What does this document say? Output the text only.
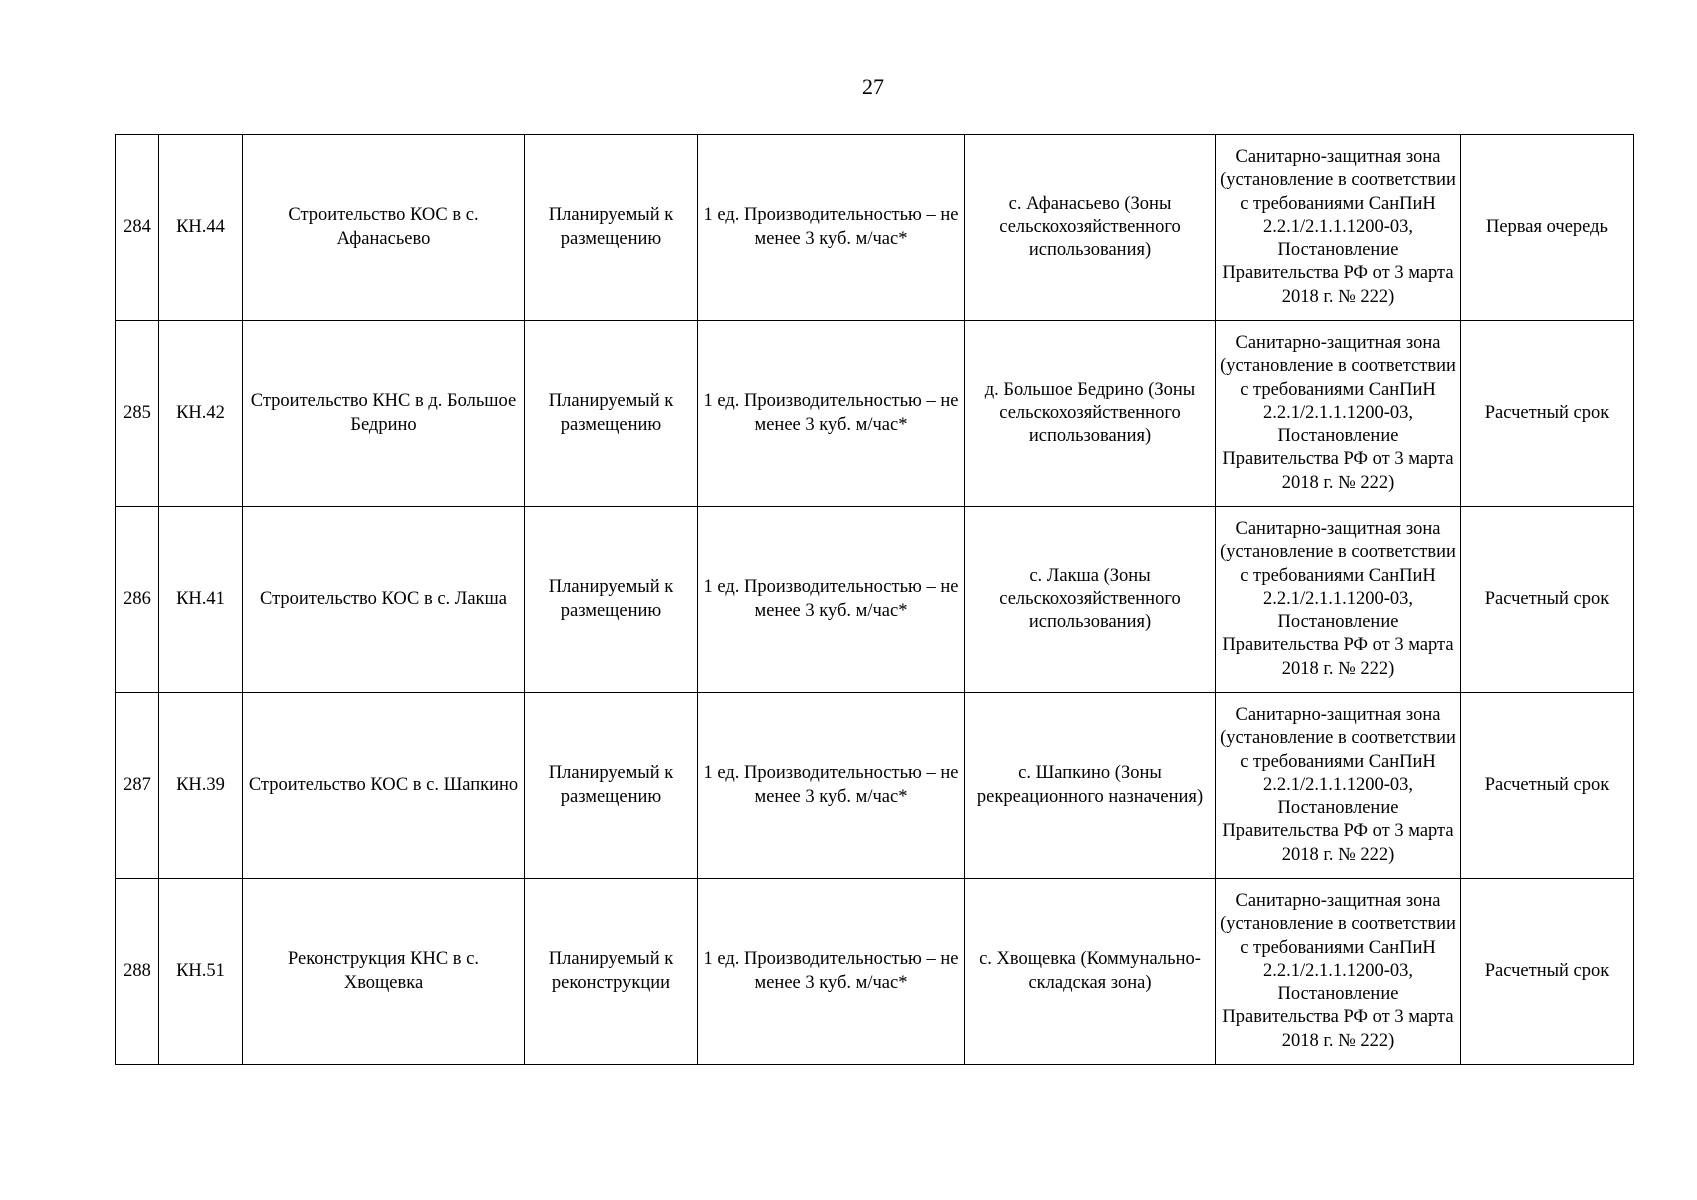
27
284	КН.44	Строительство КОС в с. Афанасьево	Планируемый к размещению	1 ед. Производительностью – не менее 3 куб. м/час*	с. Афанасьево (Зоны сельскохозяйственного использования)	Санитарно-защитная зона (установление в соответствии с требованиями СанПиН 2.2.1/2.1.1.1200-03, Постановление Правительства РФ от 3 марта 2018 г. № 222)	Первая очередь
285	КН.42	Строительство КНС в д. Большое Бедрино	Планируемый к размещению	1 ед. Производительностью – не менее 3 куб. м/час*	д. Большое Бедрино (Зоны сельскохозяйственного использования)	Санитарно-защитная зона (установление в соответствии с требованиями СанПиН 2.2.1/2.1.1.1200-03, Постановление Правительства РФ от 3 марта 2018 г. № 222)	Расчетный срок
286	КН.41	Строительство КОС в с. Лакша	Планируемый к размещению	1 ед. Производительностью – не менее 3 куб. м/час*	с. Лакша (Зоны сельскохозяйственного использования)	Санитарно-защитная зона (установление в соответствии с требованиями СанПиН 2.2.1/2.1.1.1200-03, Постановление Правительства РФ от 3 марта 2018 г. № 222)	Расчетный срок
287	КН.39	Строительство КОС в с. Шапкино	Планируемый к размещению	1 ед. Производительностью – не менее 3 куб. м/час*	с. Шапкино (Зоны рекреационного назначения)	Санитарно-защитная зона (установление в соответствии с требованиями СанПиН 2.2.1/2.1.1.1200-03, Постановление Правительства РФ от 3 марта 2018 г. № 222)	Расчетный срок
288	КН.51	Реконструкция КНС в с. Хвощевка	Планируемый к реконструкции	1 ед. Производительностью – не менее 3 куб. м/час*	с. Хвощевка (Коммунально-складская зона)	Санитарно-защитная зона (установление в соответствии с требованиями СанПиН 2.2.1/2.1.1.1200-03, Постановление Правительства РФ от 3 марта 2018 г. № 222)	Расчетный срок
